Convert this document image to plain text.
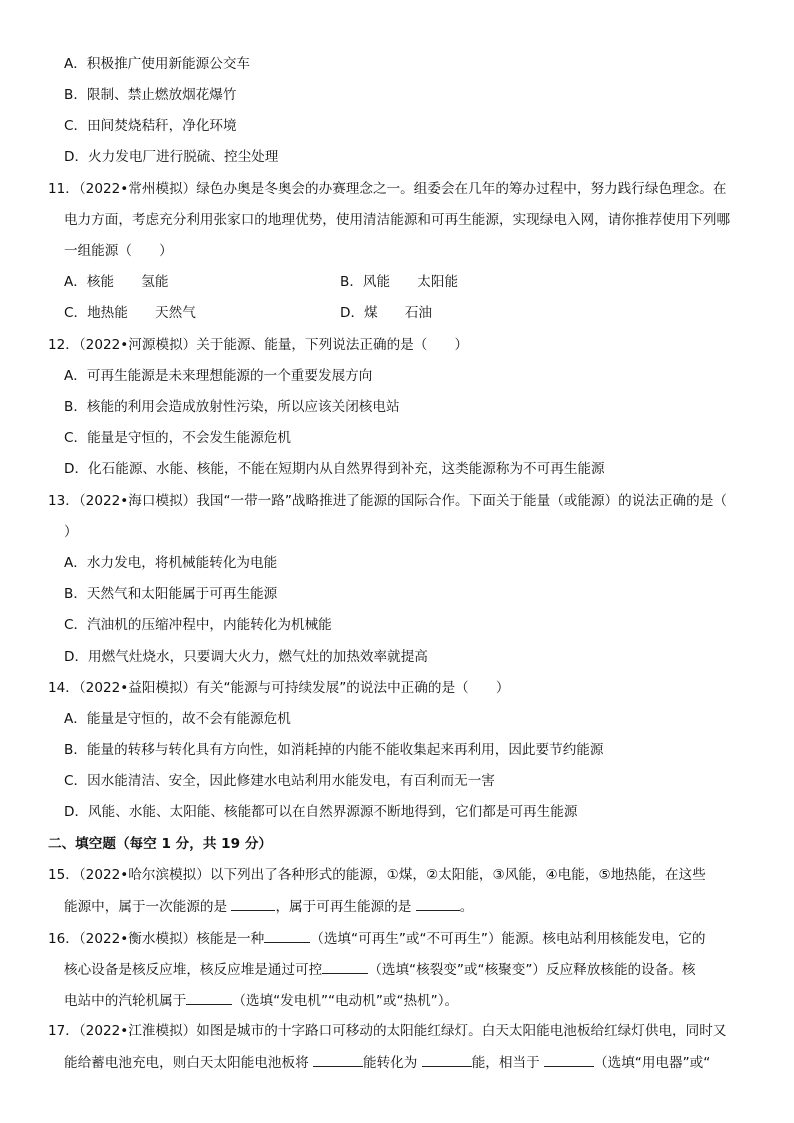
A．积极推广使用新能源公交车
B．限制、禁止燃放烟花爆竹
C．田间焚烧秸秆，净化环境
D．火力发电厂进行脱硫、控尘处理
11．（2022•常州模拟）绿色办奥是冬奥会的办赛理念之一。组委会在几年的筹办过程中，努力践行绿色理念。在
电力方面，考虑充分利用张家口的地理优势，使用清洁能源和可再生能源，实现绿电入网，请你推荐使用下列哪
一组能源（　　）
A．核能　　氢能	B．风能　　太阳能
C．地热能　　天然气	D．煤　　石油
12．（2022•河源模拟）关于能源、能量，下列说法正确的是（　　）
A．可再生能源是未来理想能源的一个重要发展方向
B．核能的利用会造成放射性污染，所以应该关闭核电站
C．能量是守恒的，不会发生能源危机
D．化石能源、水能、核能，不能在短期内从自然界得到补充，这类能源称为不可再生能源
13．（2022•海口模拟）我国“一带一路”战略推进了能源的国际合作。下面关于能量（或能源）的说法正确的是（
）
A．水力发电，将机械能转化为电能
B．天然气和太阳能属于可再生能源
C．汽油机的压缩冲程中，内能转化为机械能
D．用燃气灶烧水，只要调大火力，燃气灶的加热效率就提高
14．（2022•益阳模拟）有关“能源与可持续发展”的说法中正确的是（　　）
A．能量是守恒的，故不会有能源危机
B．能量的转移与转化具有方向性，如消耗掉的内能不能收集起来再利用，因此要节约能源
C．因水能清洁、安全，因此修建水电站利用水能发电，有百利而无一害
D．风能、水能、太阳能、核能都可以在自然界源源不断地得到，它们都是可再生能源
二、填空题（每空 1 分，共 19 分）
15．（2022•哈尔滨模拟）以下列出了各种形式的能源，①煤，②太阳能，③风能，④电能，⑤地热能，在这些
能源中，属于一次能源的是	，属于可再生能源的是	。
16．（2022•衡水模拟）核能是一种	（选填“可再生”或“不可再生”）能源。核电站利用核能发电，它的
核心设备是核反应堆，核反应堆是通过可控	（选填“核裂变”或“核聚变”）反应释放核能的设备。核
电站中的汽轮机属于	（选填“发电机”“电动机”或“热机”）。
17．（2022•江淮模拟）如图是城市的十字路口可移动的太阳能红绿灯。白天太阳能电池板给红绿灯供电，同时又
能给蓄电池充电，则白天太阳能电池板将	能转化为	能，相当于	（选填“用电器”或“
